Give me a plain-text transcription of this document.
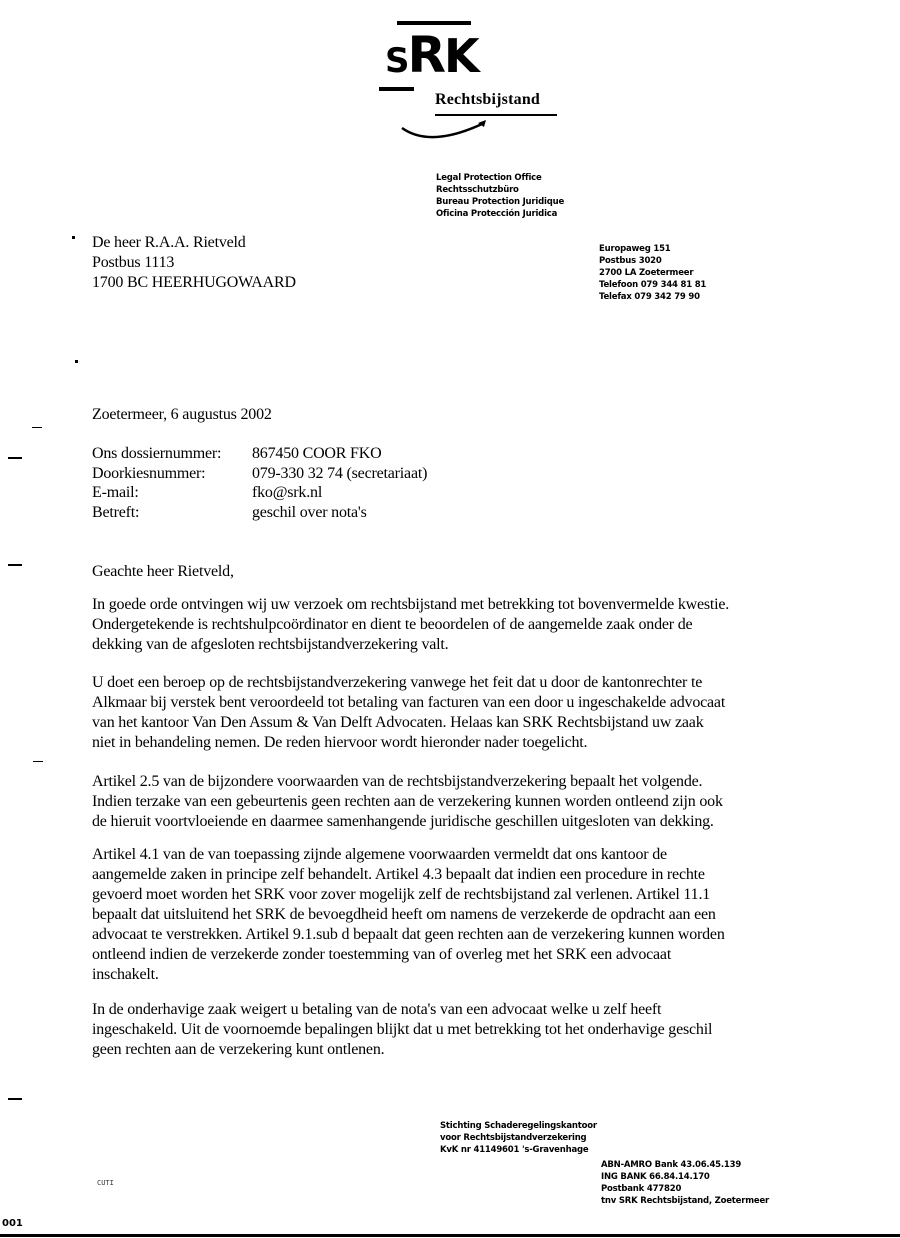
SRK
Rechtsbijstand
Legal Protection Office
Rechtsschutzbüro
Bureau Protection Juridique
Oficina Protección Juridica
Europaweg 151
Postbus 3020
2700 LA Zoetermeer
Telefoon 079 344 81 81
Telefax 079 342 79 90
De heer R.A.A. Rietveld
Postbus 1113
1700 BC HEERHUGOWAARD
Zoetermeer, 6 augustus 2002
Ons dossiernummer:	867450 COOR FKO
Doorkiesnummer:	079-330 32 74 (secretariaat)
E-mail:	fko@srk.nl
Betreft:	geschil over nota's
Geachte heer Rietveld,

In goede orde ontvingen wij uw verzoek om rechtsbijstand met betrekking tot bovenvermelde kwestie.

Ondergetekende is rechtshulpcoördinator en dient te beoordelen of de aangemelde zaak onder de

dekking van de afgesloten rechtsbijstandverzekering valt.

U doet een beroep op de rechtsbijstandverzekering vanwege het feit dat u door de kantonrechter te

Alkmaar bij verstek bent veroordeeld tot betaling van facturen van een door u ingeschakelde advocaat

van het kantoor Van Den Assum & Van Delft Advocaten. Helaas kan SRK Rechtsbijstand uw zaak

niet in behandeling nemen. De reden hiervoor wordt hieronder nader toegelicht.

Artikel 2.5 van de bijzondere voorwaarden van de rechtsbijstandverzekering bepaalt het volgende.

Indien terzake van een gebeurtenis geen rechten aan de verzekering kunnen worden ontleend zijn ook

de hieruit voortvloeiende en daarmee samenhangende juridische geschillen uitgesloten van dekking.

Artikel 4.1 van de van toepassing zijnde algemene voorwaarden vermeldt dat ons kantoor de

aangemelde zaken in principe zelf behandelt. Artikel 4.3 bepaalt dat indien een procedure in rechte

gevoerd moet worden het SRK voor zover mogelijk zelf de rechtsbijstand zal verlenen. Artikel 11.1

bepaalt dat uitsluitend het SRK de bevoegdheid heeft om namens de verzekerde de opdracht aan een

advocaat te verstrekken. Artikel 9.1.sub d bepaalt dat geen rechten aan de verzekering kunnen worden

ontleend indien de verzekerde zonder toestemming van of overleg met het SRK een advocaat

inschakelt.

In de onderhavige zaak weigert u betaling van de nota's van een advocaat welke u zelf heeft

ingeschakeld. Uit de voornoemde bepalingen blijkt dat u met betrekking tot het onderhavige geschil

geen rechten aan de verzekering kunt ontlenen.

Stichting Schaderegelingskantoor
voor Rechtsbijstandverzekering
KvK nr 41149601 's-Gravenhage
ABN-AMRO Bank 43.06.45.139
ING BANK 66.84.14.170
Postbank 477820
tnv SRK Rechtsbijstand, Zoetermeer
CUTI
001
